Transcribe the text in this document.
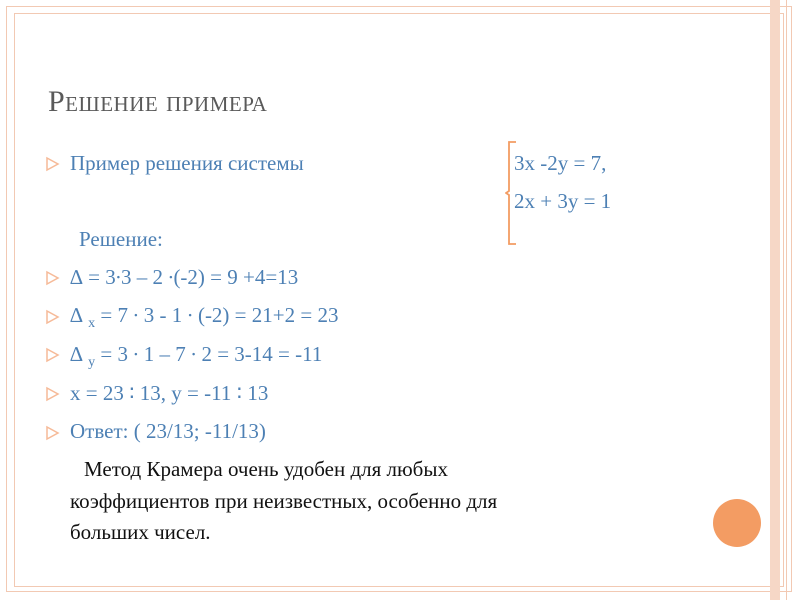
Решение примера
Пример решения системы	3x -2y = 7,
2x + 3y = 1
Решение:
∆ = 3∙3 – 2 ∙(-2) = 9 +4=13
∆ $_x$ = 7 ∙ 3 - 1 ∙ (-2) = 21+2 = 23
∆ $_y$ = 3 ∙ 1 – 7 ∙ 2 = 3-14 = -11
x = 23 ∶ 13, y = -11 ∶ 13
Ответ: ( 23/13; -11/13)
Метод Крамера очень удобен для любых
коэффициентов при неизвестных, особенно для
больших чисел.
